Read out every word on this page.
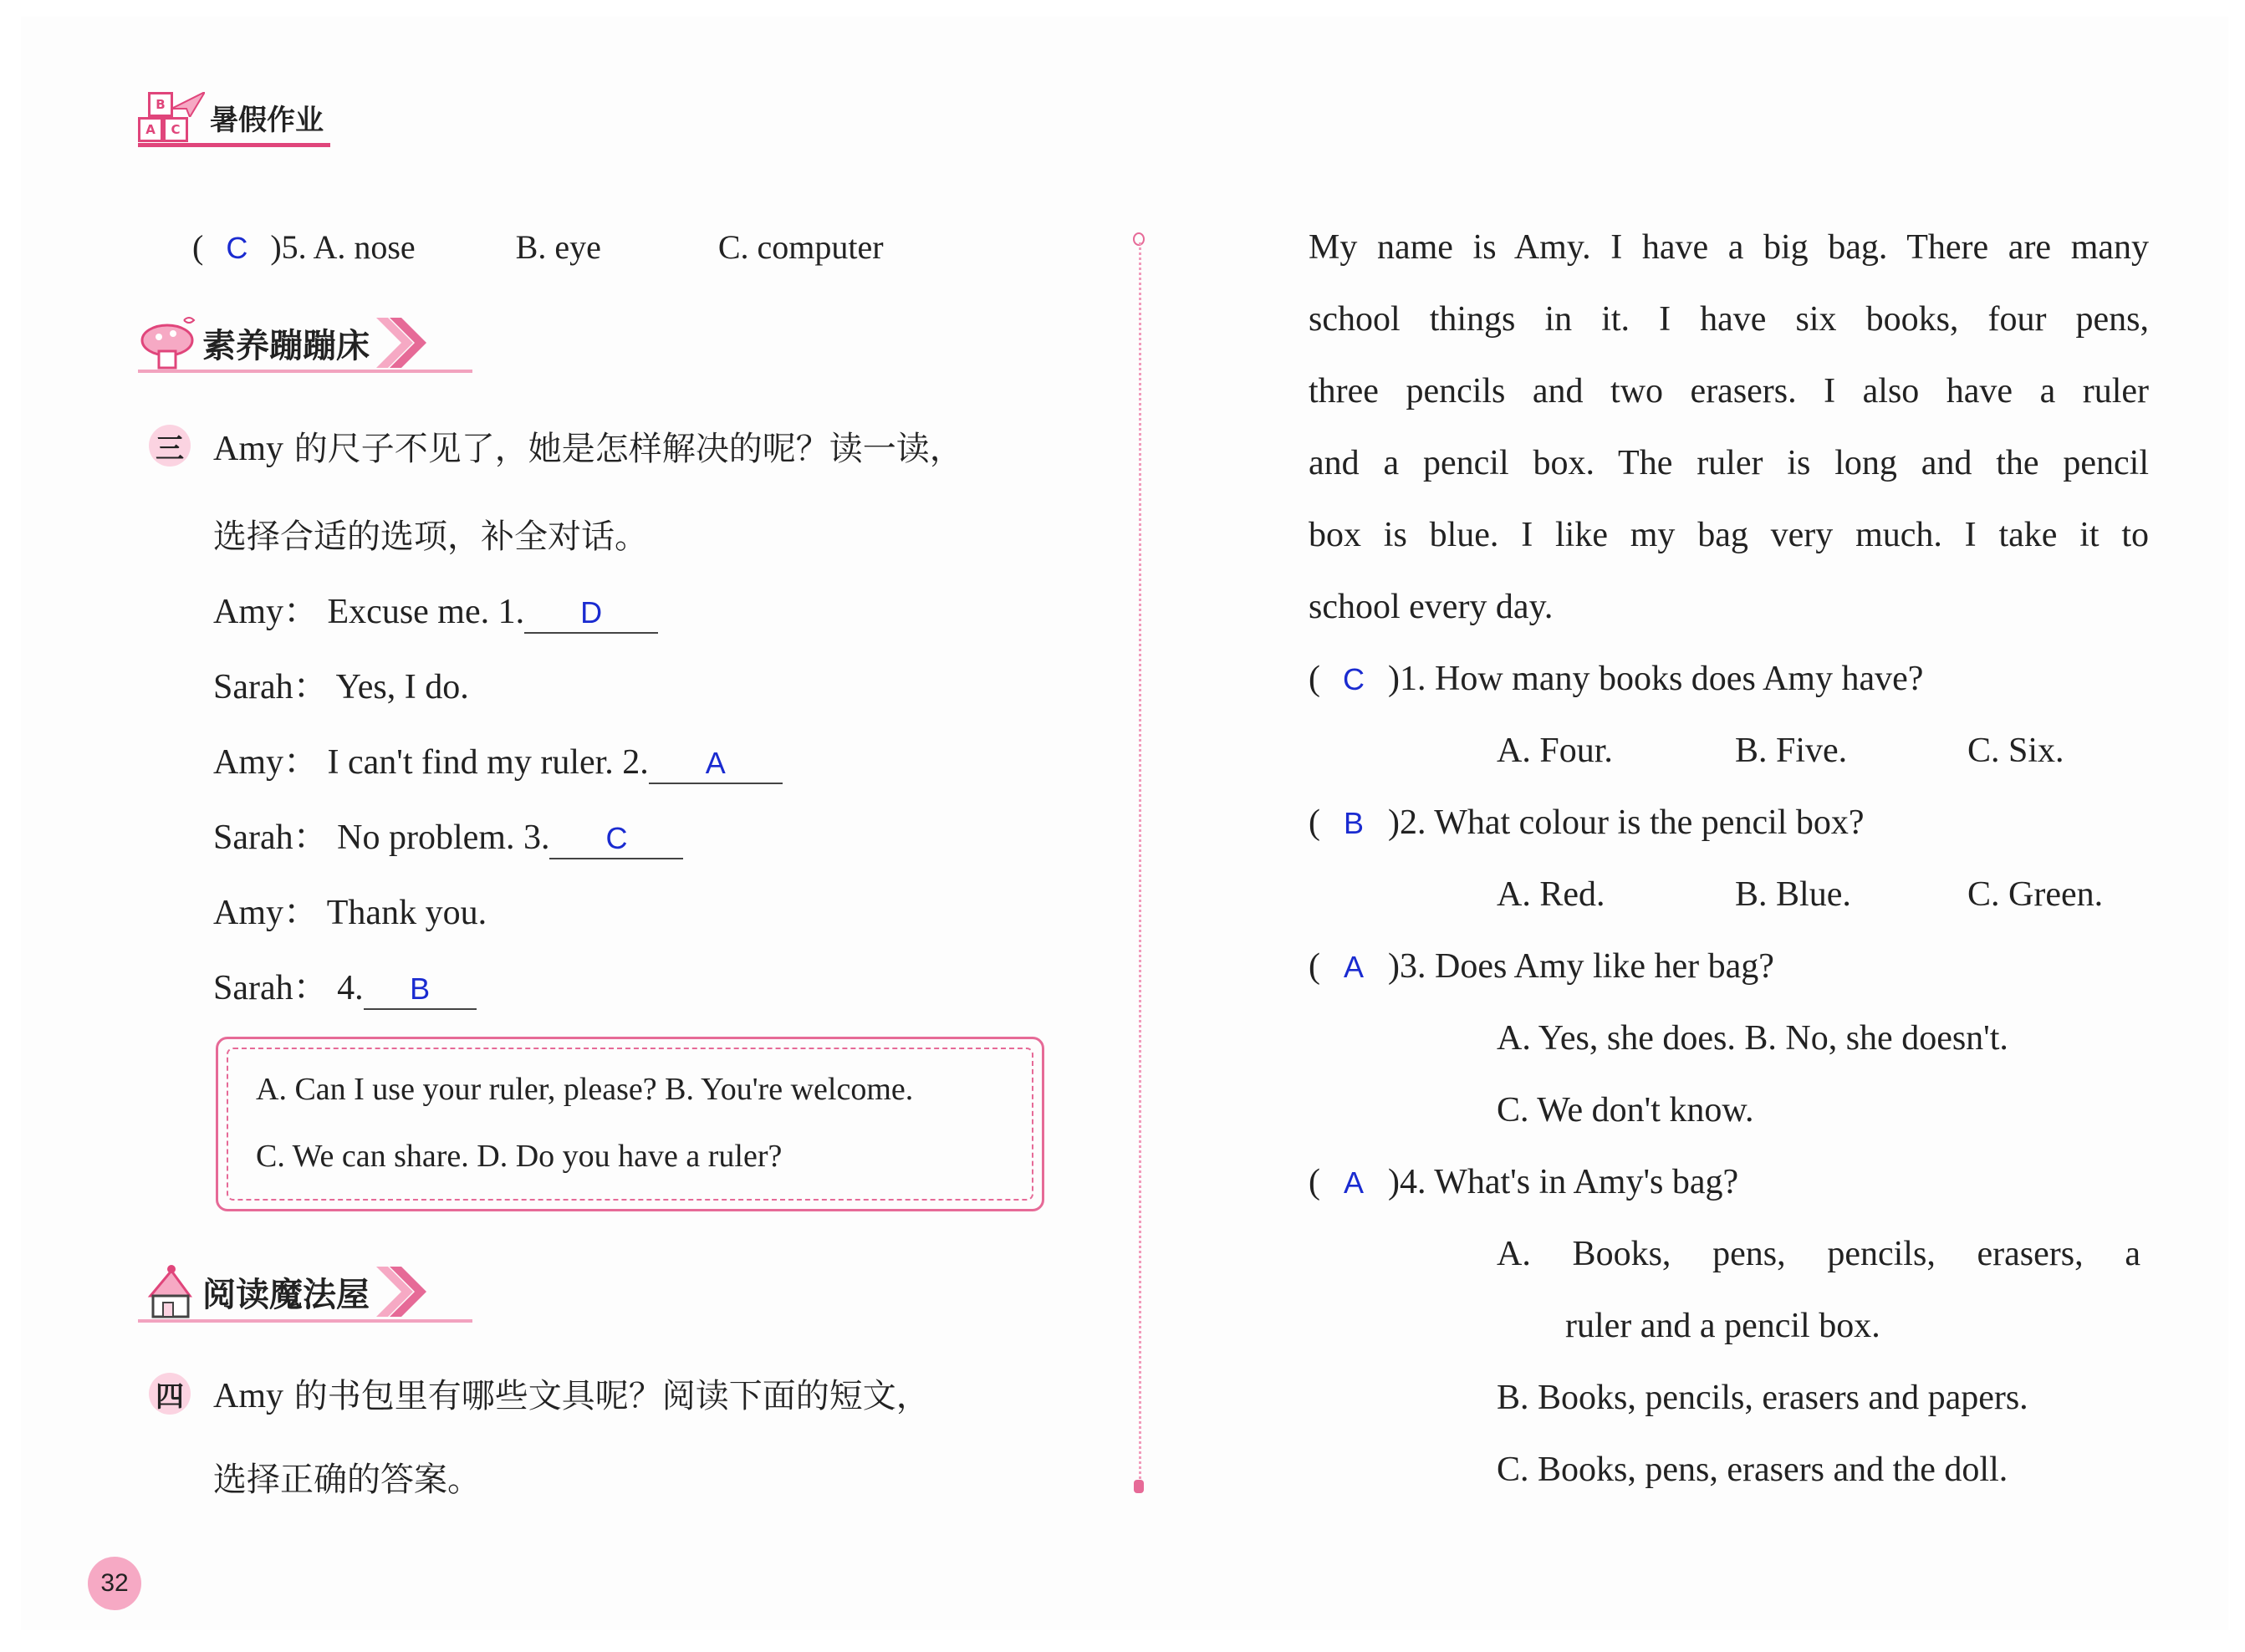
B
A	C 暑假作业
( C )5. A. nose	B. eye	C. computer
素养蹦蹦床
三 Amy 的尺子不见了，她是怎样解决的呢？读一读，
选择合适的选项，补全对话。
Amy： Excuse me. 1. D
Sarah： Yes, I do.
Amy： I can't find my ruler. 2. A
Sarah： No problem. 3. C
Amy： Thank you.
Sarah： 4. B
A. Can I use your ruler, please? B. You're welcome.
C. We can share. D. Do you have a ruler?
阅读魔法屋
四 Amy 的书包里有哪些文具呢？阅读下面的短文，
选择正确的答案。
My name is Amy. I have a big bag. There are many
school things in it. I have six books, four pens,
three pencils and two erasers. I also have a ruler
and a pencil box. The ruler is long and the pencil
box is blue. I like my bag very much. I take it to
school every day.
( C )1. How many books does Amy have?
A. Four.	B. Five.	C. Six.
( B )2. What colour is the pencil box?
A. Red.	B. Blue.	C. Green.
( A )3. Does Amy like her bag?
A. Yes, she does. B. No, she doesn't.
C. We don't know.
( A )4. What's in Amy's bag?
A. Books, pens, pencils, erasers, a
ruler and a pencil box.
B. Books, pencils, erasers and papers.
C. Books, pens, erasers and the doll.
32
